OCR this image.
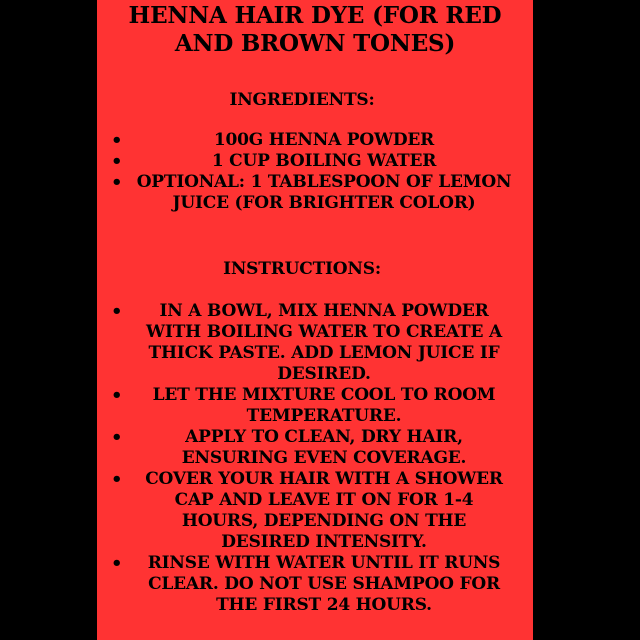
HENNA HAIR DYE (FOR RED AND BROWN TONES)
INGREDIENTS:
•	100G HENNA POWDER
•	1 CUP BOILING WATER
• OPTIONAL: 1 TABLESPOON OF LEMON JUICE (FOR BRIGHTER COLOR)
INSTRUCTIONS:
•	IN A BOWL, MIX HENNA POWDER WITH BOILING WATER TO CREATE A THICK PASTE. ADD LEMON JUICE IF DESIRED.
•	LET THE MIXTURE COOL TO ROOM TEMPERATURE.
•	APPLY TO CLEAN, DRY HAIR, ENSURING EVEN COVERAGE.
•	COVER YOUR HAIR WITH A SHOWER CAP AND LEAVE IT ON FOR 1-4 HOURS, DEPENDING ON THE DESIRED INTENSITY.
•	RINSE WITH WATER UNTIL IT RUNS CLEAR. DO NOT USE SHAMPOO FOR THE FIRST 24 HOURS.
